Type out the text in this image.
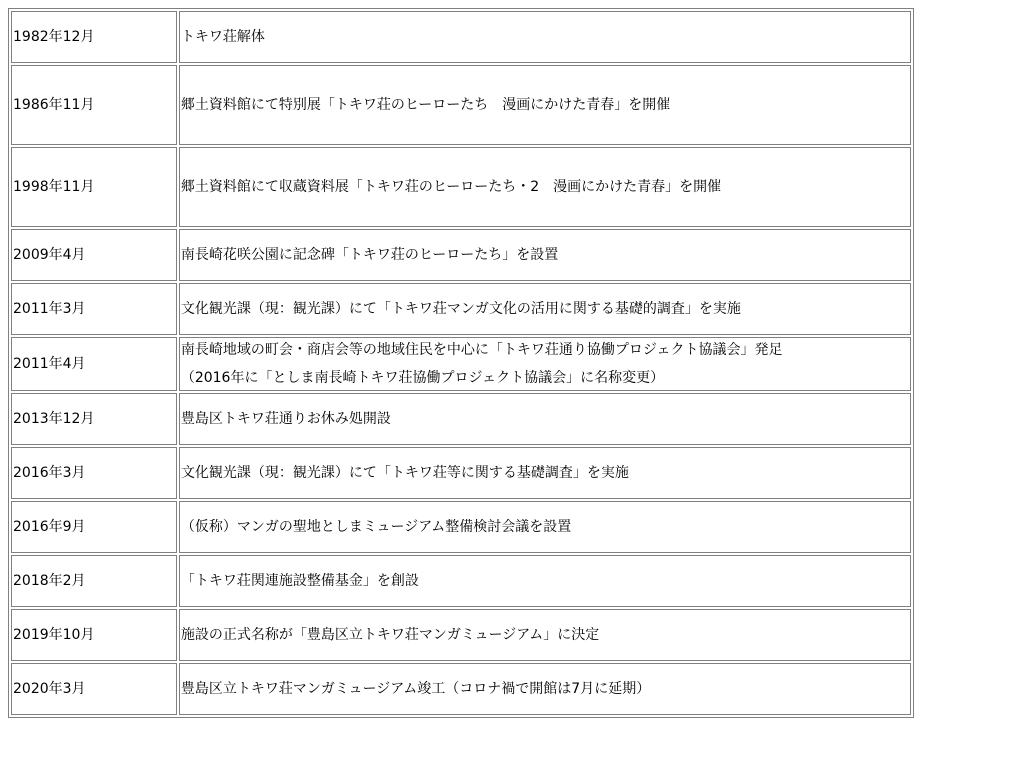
1982年12月	トキワ荘解体

1986年11月	郷土資料館にて特別展「トキワ荘のヒーローたち　漫画にかけた青春」を開催

1998年11月	郷土資料館にて収蔵資料展「トキワ荘のヒーローたち・2　漫画にかけた青春」を開催

2009年4月	南長崎花咲公園に記念碑「トキワ荘のヒーローたち」を設置

2011年3月	文化観光課（現：観光課）にて「トキワ荘マンガ文化の活用に関する基礎的調査」を実施

2011年4月	南長崎地域の町会・商店会等の地域住民を中心に「トキワ荘通り協働プロジェクト協議会」発足
（2016年に「としま南長崎トキワ荘協働プロジェクト協議会」に名称変更）

2013年12月	豊島区トキワ荘通りお休み処開設

2016年3月	文化観光課（現：観光課）にて「トキワ荘等に関する基礎調査」を実施

2016年9月	（仮称）マンガの聖地としまミュージアム整備検討会議を設置

2018年2月	「トキワ荘関連施設整備基金」を創設

2019年10月	施設の正式名称が「豊島区立トキワ荘マンガミュージアム」に決定

2020年3月	豊島区立トキワ荘マンガミュージアム竣工（コロナ禍で開館は7月に延期）
